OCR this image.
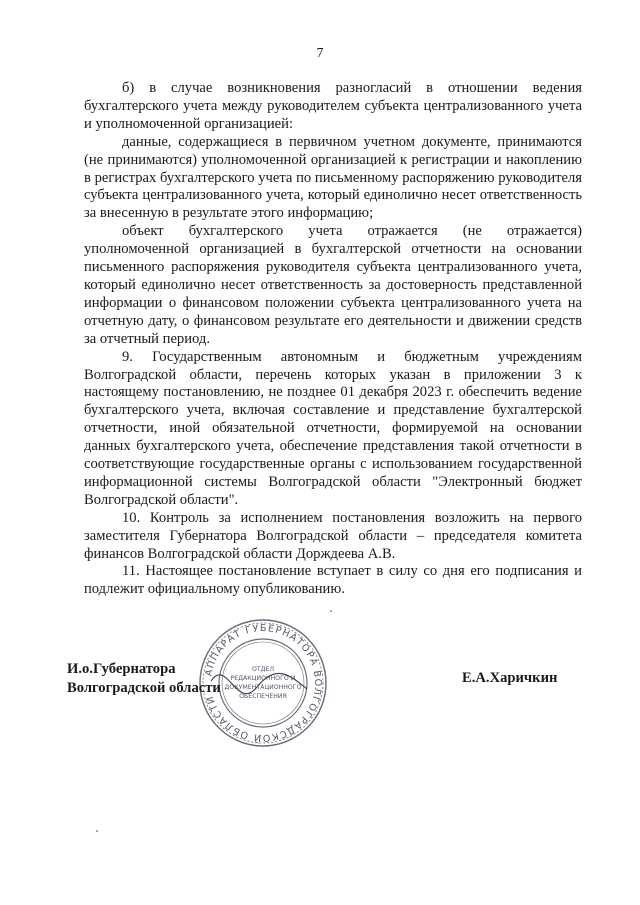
7

б) в случае возникновения разногласий в отношении ведения бухгалтерского учета между руководителем субъекта централизованного учета и уполномоченной организацией:

данные, содержащиеся в первичном учетном документе, принимаются (не принимаются) уполномоченной организацией к регистрации и накоплению в регистрах бухгалтерского учета по письменному распоряжению руководителя субъекта централизованного учета, который единолично несет ответственность за внесенную в результате этого информацию;

объект бухгалтерского учета отражается (не отражается) уполномоченной организацией в бухгалтерской отчетности на основании письменного распоряжения руководителя субъекта централизованного учета, который единолично несет ответственность за достоверность представленной информации о финансовом положении субъекта централизованного учета на отчетную дату, о финансовом результате его деятельности и движении средств за отчетный период.

9. Государственным автономным и бюджетным учреждениям Волгоградской области, перечень которых указан в приложении 3 к настоящему постановлению, не позднее 01 декабря 2023 г. обеспечить ведение бухгалтерского учета, включая составление и представление бухгалтерской отчетности, иной обязательной отчетности, формируемой на основании данных бухгалтерского учета, обеспечение представления такой отчетности в соответствующие государственные органы с использованием государственной информационной системы Волгоградской области "Электронный бюджет Волгоградской области".

10. Контроль за исполнением постановления возложить на первого заместителя Губернатора Волгоградской области – председателя комитета финансов Волгоградской области Дорждеева А.В.

11. Настоящее постановление вступает в силу со дня его подписания и подлежит официальному опубликованию.

АППАРАТ ГУБЕРНАТОРА ВОЛГОГРАДСКОЙ ОБЛАСТИ
ОТДЕЛ
РЕДАКЦИОННОГО И
ДОКУМЕНТАЦИОННОГО
ОБЕСПЕЧЕНИЯ
И.о.Губернатора
Волгоградской области
Е.А.Харичкин
